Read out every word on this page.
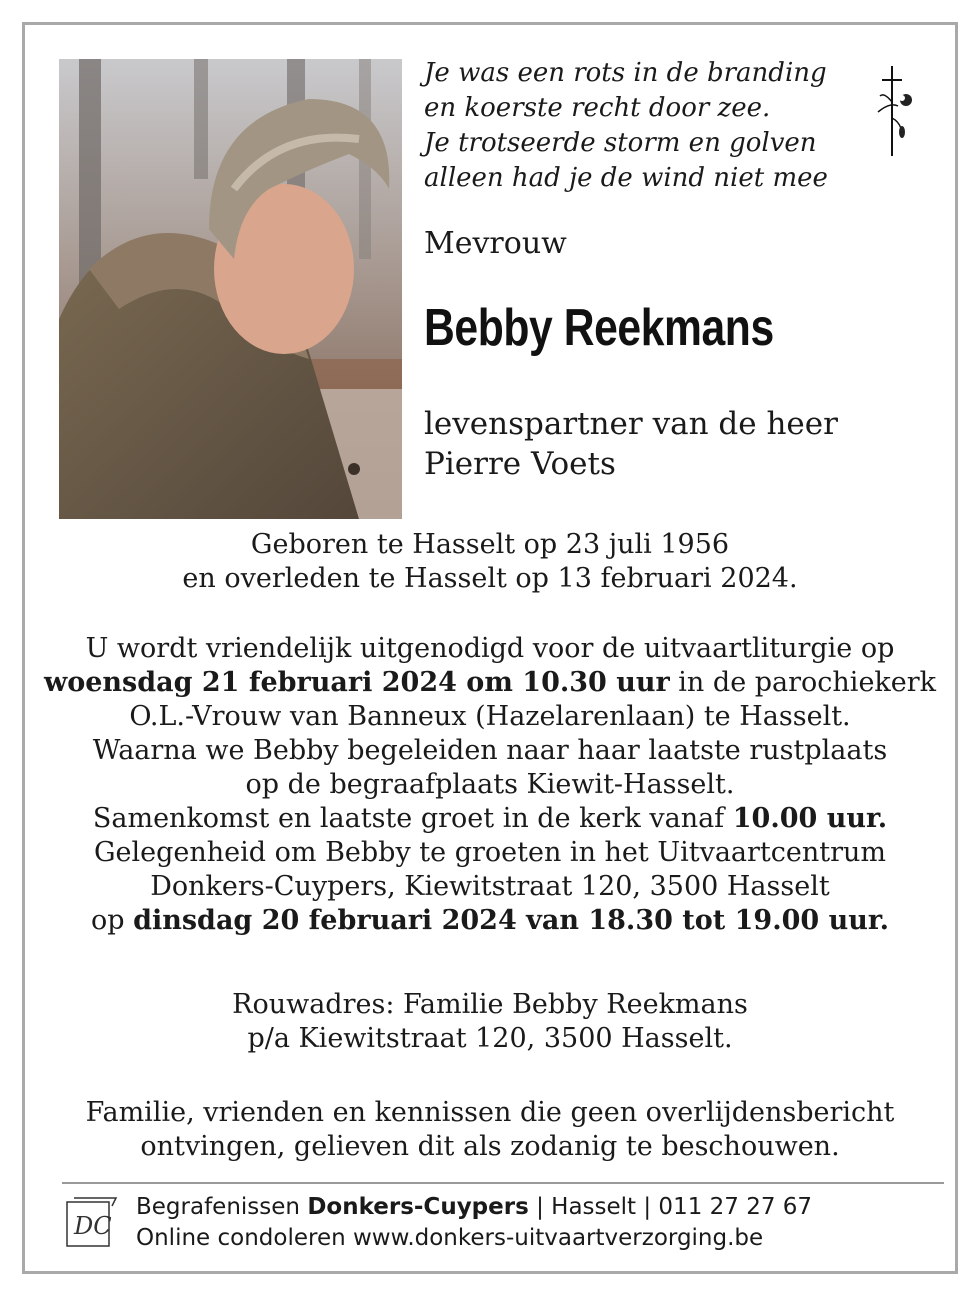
Je was een rots in de branding
en koerste recht door zee.
Je trotseerde storm en golven
alleen had je de wind niet mee
Mevrouw
Bebby Reekmans
levenspartner van de heer
Pierre Voets
Geboren te Hasselt op 23 juli 1956
en overleden te Hasselt op 13 februari 2024.
U wordt vriendelijk uitgenodigd voor de uitvaartliturgie op
woensdag 21 februari 2024 om 10.30 uur in de parochiekerk
O.L.-Vrouw van Banneux (Hazelarenlaan) te Hasselt.
Waarna we Bebby begeleiden naar haar laatste rustplaats
op de begraafplaats Kiewit-Hasselt.
Samenkomst en laatste groet in de kerk vanaf 10.00 uur.
Gelegenheid om Bebby te groeten in het Uitvaartcentrum
Donkers-Cuypers, Kiewitstraat 120, 3500 Hasselt
op dinsdag 20 februari 2024 van 18.30 tot 19.00 uur.
Rouwadres: Familie Bebby Reekmans
p/a Kiewitstraat 120, 3500 Hasselt.
Familie, vrienden en kennissen die geen overlijdensbericht
ontvingen, gelieven dit als zodanig te beschouwen.
DC
Begrafenissen Donkers-Cuypers | Hasselt | 011 27 27 67
Online condoleren www.donkers-uitvaartverzorging.be
